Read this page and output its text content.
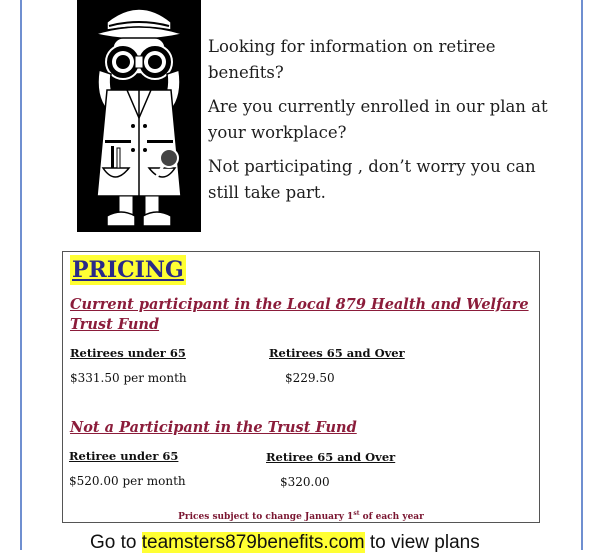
Looking for information on retiree benefits?

Are you currently enrolled in our plan at your workplace?

Not participating , don’t worry you can still take part.

PRICING
Current participant in the Local 879 Health and Welfare Trust Fund
Retirees under 65	Retirees 65 and Over
$331.50 per month	$229.50
Not a Participant in the Trust Fund
Retiree under 65	Retiree 65 and Over
$520.00 per month	$320.00
Prices subject to change January 1st of each year
Go to teamsters879benefits.com to view plans
